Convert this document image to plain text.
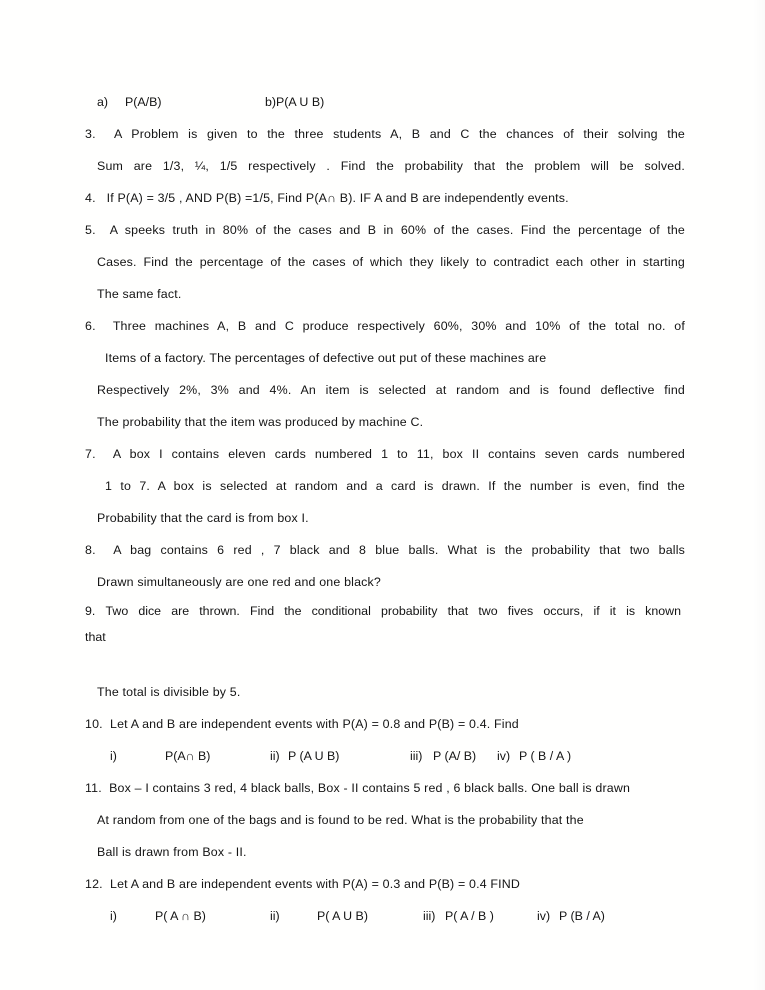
a) P(A/B)	b)P(A U B)
3. A Problem is given to the three students A, B and C the chances of their solving the
Sum are 1/3, ¼, 1/5 respectively . Find the probability that the problem will be solved.
4. If P(A) = 3/5 , AND P(B) =1/5, Find P(A∩ B). IF A and B are independently events.
5. A speeks truth in 80% of the cases and B in 60% of the cases. Find the percentage of the
Cases. Find the percentage of the cases of which they likely to contradict each other in starting
The same fact.
6. Three machines A, B and C produce respectively 60%, 30% and 10% of the total no. of
Items of a factory. The percentages of defective out put of these machines are
Respectively 2%, 3% and 4%. An item is selected at random and is found deflective find
The probability that the item was produced by machine C.
7. A box I contains eleven cards numbered 1 to 11, box II contains seven cards numbered
1 to 7. A box is selected at random and a card is drawn. If the number is even, find the
Probability that the card is from box I.
8. A bag contains 6 red , 7 black and 8 blue balls. What is the probability that two balls
Drawn simultaneously are one red and one black?
9. Two dice are thrown. Find the conditional probability that two fives occurs, if it is known
that
The total is divisible by 5.
10. Let A and B are independent events with P(A) = 0.8 and P(B) = 0.4. Find
i)	P(A∩ B)	ii) P (A U B)	iii) P (A/ B) iv) P ( B / A )
11. Box – I contains 3 red, 4 black balls, Box - II contains 5 red , 6 black balls. One ball is drawn
At random from one of the bags and is found to be red. What is the probability that the
Ball is drawn from Box - II.
12. Let A and B are independent events with P(A) = 0.3 and P(B) = 0.4 FIND
i)	P( A ∩ B)	ii)	P( A U B)	iii) P( A / B )	iv) P (B / A)
